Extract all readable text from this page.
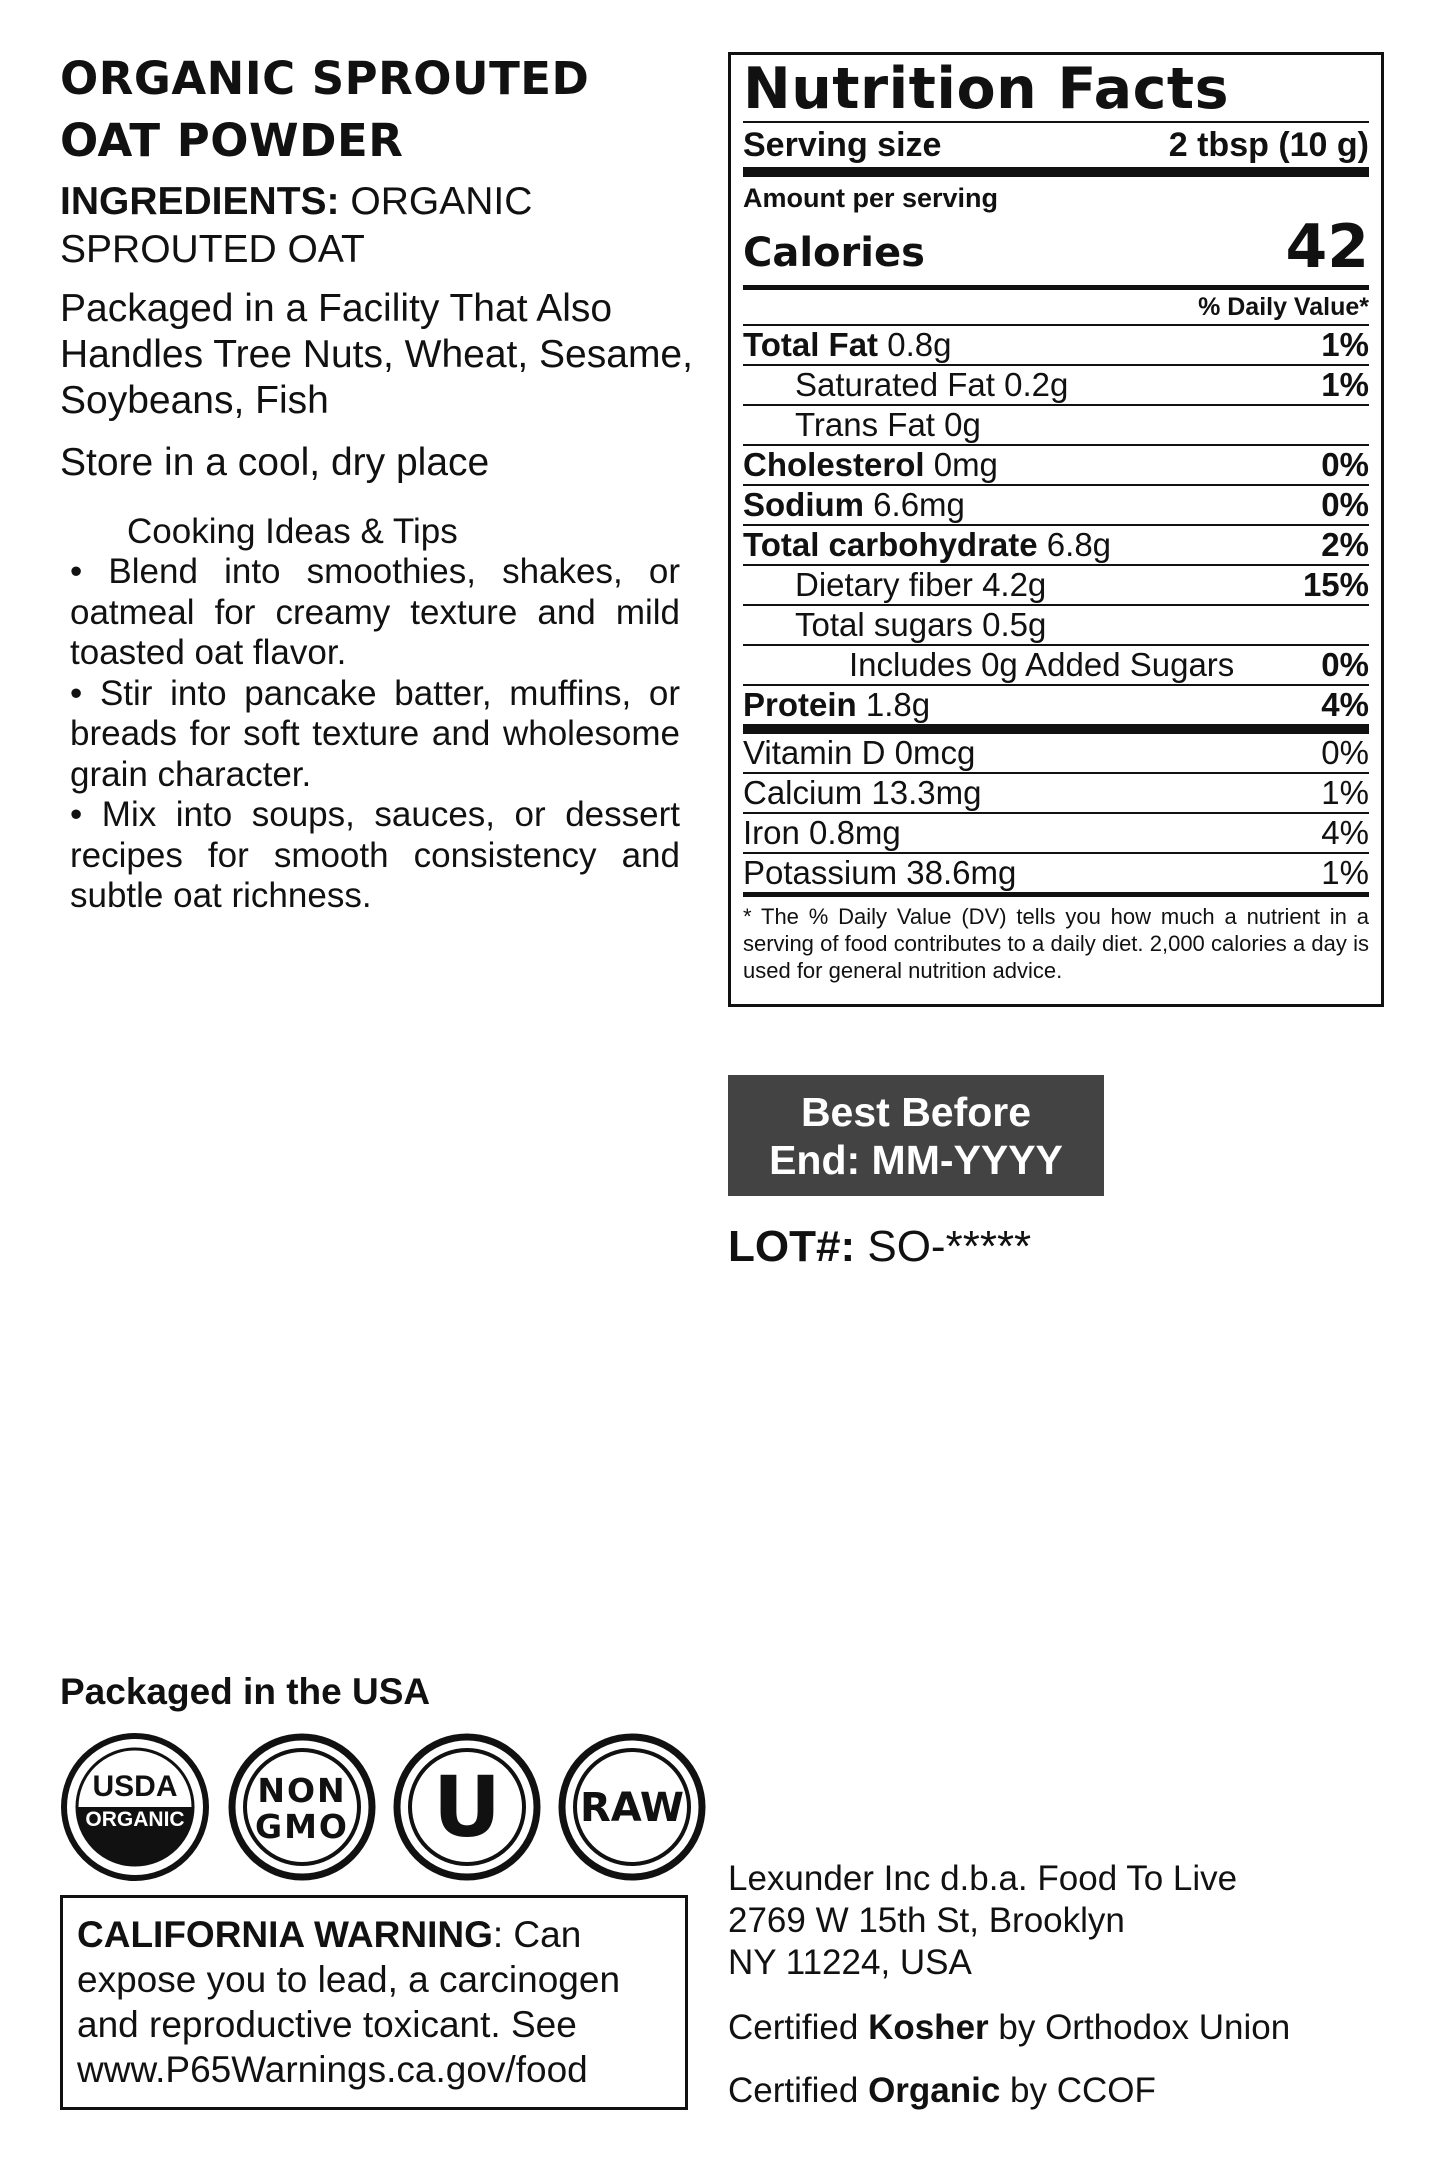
ORGANIC SPROUTED
OAT POWDER
INGREDIENTS: ORGANIC SPROUTED OAT
Packaged in a Facility That Also Handles Tree Nuts, Wheat, Sesame, Soybeans, Fish
Store in a cool, dry place
Cooking Ideas & Tips

• Blend into smoothies, shakes, or oatmeal for creamy texture and mild toasted oat flavor.

• Stir into pancake batter, muffins, or breads for soft texture and wholesome grain character.

• Mix into soups, sauces, or dessert recipes for smooth consistency and subtle oat richness.

Nutrition Facts
Serving size	2 tbsp (10 g)
Amount per serving
Calories	42
% Daily Value*
Total Fat 0.8g	1%
Saturated Fat 0.2g	1%
Trans Fat 0g
Cholesterol 0mg	0%
Sodium 6.6mg	0%
Total carbohydrate 6.8g	2%
Dietary fiber 4.2g	15%
Total sugars 0.5g
Includes 0g Added Sugars	0%
Protein 1.8g	4%
Vitamin D 0mcg	0%
Calcium 13.3mg	1%
Iron 0.8mg	4%
Potassium 38.6mg	1%
* The % Daily Value (DV) tells you how much a nutrient in a serving of food contributes to a daily diet. 2,000 calories a day is used for general nutrition advice.
Best Before
End: MM-YYYY
LOT#: SO-*****
Packaged in the USA
USDA
ORGANIC
NON
GMO U RAW
CALIFORNIA WARNING: Can expose you to lead, a carcinogen and reproductive toxicant. See www.P65Warnings.ca.gov/food
Lexunder Inc d.b.a. Food To Live
2769 W 15th St, Brooklyn
NY 11224, USA
Certified Kosher by Orthodox Union
Certified Organic by CCOF
